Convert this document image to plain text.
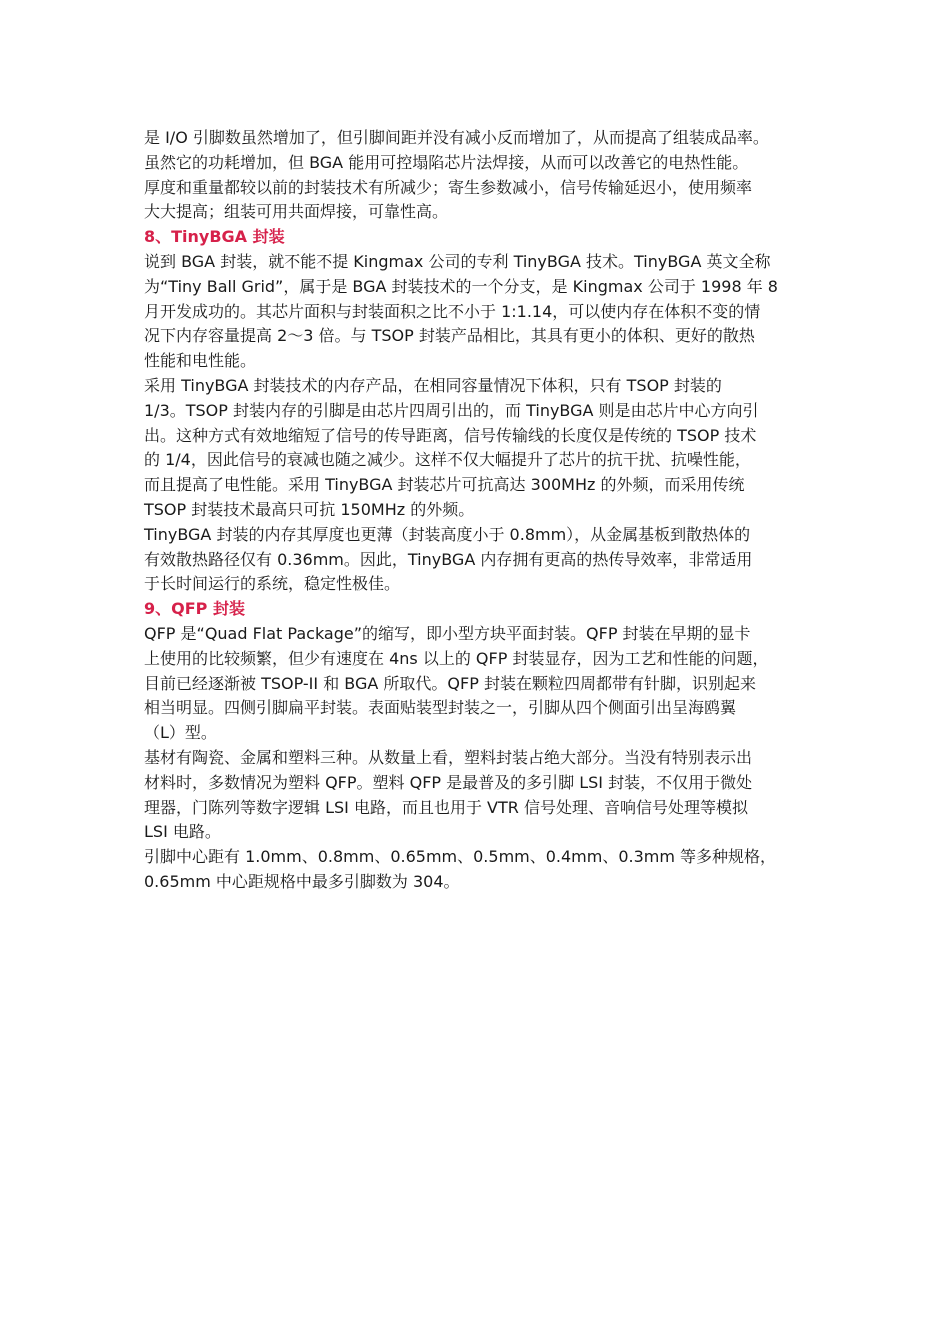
是 I/O 引脚数虽然增加了，但引脚间距并没有减小反而增加了，从而提高了组装成品率。
虽然它的功耗增加，但 BGA 能用可控塌陷芯片法焊接，从而可以改善它的电热性能。
厚度和重量都较以前的封装技术有所减少；寄生参数减小，信号传输延迟小，使用频率
大大提高；组装可用共面焊接，可靠性高。
8、TinyBGA 封装
说到 BGA 封装，就不能不提 Kingmax 公司的专利 TinyBGA 技术。TinyBGA 英文全称
为“Tiny Ball Grid”，属于是 BGA 封装技术的一个分支，是 Kingmax 公司于 1998 年 8
月开发成功的。其芯片面积与封装面积之比不小于 1:1.14，可以使内存在体积不变的情
况下内存容量提高 2～3 倍。与 TSOP 封装产品相比，其具有更小的体积、更好的散热
性能和电性能。
采用 TinyBGA 封装技术的内存产品，在相同容量情况下体积，只有 TSOP 封装的
1/3。TSOP 封装内存的引脚是由芯片四周引出的，而 TinyBGA 则是由芯片中心方向引
出。这种方式有效地缩短了信号的传导距离，信号传输线的长度仅是传统的 TSOP 技术
的 1/4，因此信号的衰减也随之减少。这样不仅大幅提升了芯片的抗干扰、抗噪性能，
而且提高了电性能。采用 TinyBGA 封装芯片可抗高达 300MHz 的外频，而采用传统
TSOP 封装技术最高只可抗 150MHz 的外频。
TinyBGA 封装的内存其厚度也更薄（封装高度小于 0.8mm），从金属基板到散热体的
有效散热路径仅有 0.36mm。因此，TinyBGA 内存拥有更高的热传导效率，非常适用
于长时间运行的系统，稳定性极佳。
9、QFP 封装
QFP 是“Quad Flat Package”的缩写，即小型方块平面封装。QFP 封装在早期的显卡
上使用的比较频繁，但少有速度在 4ns 以上的 QFP 封装显存，因为工艺和性能的问题，
目前已经逐渐被 TSOP-II 和 BGA 所取代。QFP 封装在颗粒四周都带有针脚，识别起来
相当明显。四侧引脚扁平封装。表面贴装型封装之一，引脚从四个侧面引出呈海鸥翼
（L）型。
基材有陶瓷、金属和塑料三种。从数量上看，塑料封装占绝大部分。当没有特别表示出
材料时，多数情况为塑料 QFP。塑料 QFP 是最普及的多引脚 LSI 封装，不仅用于微处
理器，门陈列等数字逻辑 LSI 电路，而且也用于 VTR 信号处理、音响信号处理等模拟
LSI 电路。
引脚中心距有 1.0mm、0.8mm、0.65mm、0.5mm、0.4mm、0.3mm 等多种规格，
0.65mm 中心距规格中最多引脚数为 304。
